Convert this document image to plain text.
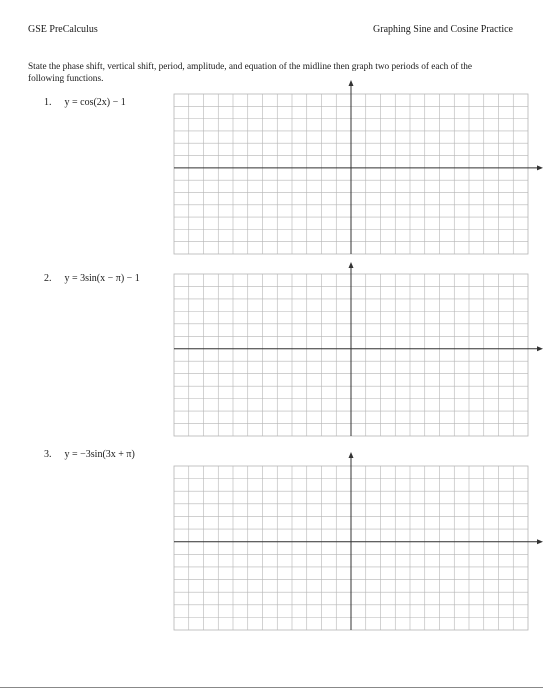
GSE PreCalculus	Graphing Sine and Cosine Practice
State the phase shift, vertical shift, period, amplitude, and equation of the midline then graph two periods of each of the following functions.
1. y = cos(2x) − 1
2. y = 3sin(x − π) − 1
3. y = −3sin(3x + π)
